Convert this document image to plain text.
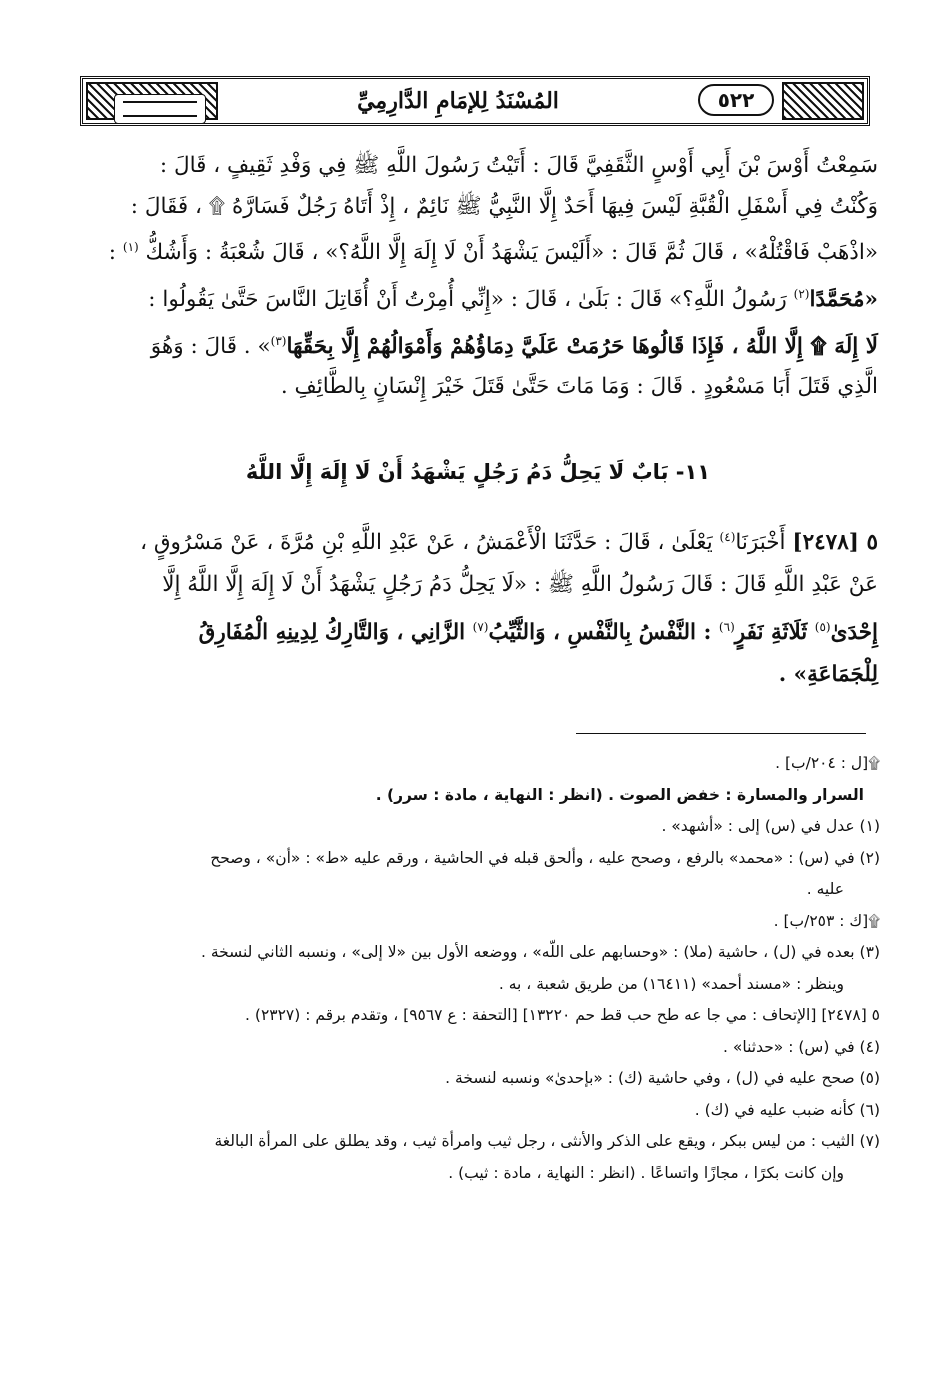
٥٢٢
المُسْنَدُ لِلإمَامِ الدَّارِمِيِّ

سَمِعْتُ أَوْسَ بْنَ أَبِي أَوْسٍ الثَّقَفِيَّ قَالَ : أَتَيْتُ رَسُولَ اللَّهِ ﷺ فِي وَفْدِ ثَقِيفٍ ، قَالَ :

وَكُنْتُ فِي أَسْفَلِ الْقُبَّةِ لَيْسَ فِيهَا أَحَدٌ إِلَّا النَّبِيُّ ﷺ نَائِمٌ ، إِذْ أَتَاهُ رَجُلٌ فَسَارَّهُ ۩ ، فَقَالَ :

«اذْهَبْ فَاقْتُلْهُ» ، قَالَ ثُمَّ قَالَ : «أَلَيْسَ يَشْهَدُ أَنْ لَا إِلَهَ إِلَّا اللَّهُ؟» ، قَالَ شُعْبَةُ : وَأَشُكُّ $^{(١)}$ :

«مُحَمَّدًا$^{(٢)}$ رَسُولُ اللَّهِ؟» قَالَ : بَلَىٰ ، قَالَ : «إِنِّي أُمِرْتُ أَنْ أُقَاتِلَ النَّاسَ حَتَّىٰ يَقُولُوا :

لَا إِلَهَ ۩ إِلَّا اللَّهُ ، فَإِذَا قَالُوهَا حَرُمَتْ عَلَيَّ دِمَاؤُهُمْ وَأَمْوَالُهُمْ إِلَّا بِحَقِّهَا$^{(٣)}$» . قَالَ : وَهُوَ

الَّذِي قَتَلَ أَبَا مَسْعُودٍ . قَالَ : وَمَا مَاتَ حَتَّىٰ قَتَلَ خَيْرَ إِنْسَانٍ بِالطَّائِفِ .

١١- بَابٌ لَا يَحِلُّ دَمُ رَجُلٍ يَشْهَدُ أَنْ لَا إِلَهَ إِلَّا اللَّهُ

٥ [٢٤٧٨] أَخْبَرَنَا$^{(٤)}$ يَعْلَىٰ ، قَالَ : حَدَّثَنَا الْأَعْمَشُ ، عَنْ عَبْدِ اللَّهِ بْنِ مُرَّةَ ، عَنْ مَسْرُوقٍ ،

عَنْ عَبْدِ اللَّهِ قَالَ : قَالَ رَسُولُ اللَّهِ ﷺ : «لَا يَحِلُّ دَمُ رَجُلٍ يَشْهَدُ أَنْ لَا إِلَهَ إِلَّا اللَّهُ إِلَّا

إِحْدَىٰ$^{(٥)}$ ثَلَاثَةِ نَفَرٍ$^{(٦)}$ : النَّفْسُ بِالنَّفْسِ ، وَالثَّيِّبُ$^{(٧)}$ الزَّانِي ، وَالتَّارِكُ لِدِينِهِ الْمُفَارِقُ

لِلْجَمَاعَةِ» .

۩[ل : ٢٠٤/ب] .
السرار والمسارة : خفض الصوت . (انظر : النهاية ، مادة : سرر) .
(١) عدل في (س) إلى : «أشهد» .
(٢) في (س) : «محمد» بالرفع ، وصحح عليه ، وألحق قبله في الحاشية ، ورقم عليه «ط» : «أن» ، وصحح
عليه .
۩[ك : ٢٥٣/ب] .
(٣) بعده في (ل) ، حاشية (ملا) : «وحسابهم على اللّه» ، ووضعه الأول بين «لا إلى» ، ونسبه الثاني لنسخة .
وينظر : «مسند أحمد» (١٦٤١١) من طريق شعبة ، به .
٥ [٢٤٧٨] [الإتحاف : مي جا عه طح حب قط حم ١٣٢٢٠] [التحفة : ع ٩٥٦٧] ، وتقدم برقم : (٢٣٢٧) .
(٤) في (س) : «حدثنا» .
(٥) صحح عليه في (ل) ، وفي حاشية (ك) : «بإحدىٰ» ونسبه لنسخة .
(٦) كأنه ضبب عليه في (ك) .
(٧) الثيب : من ليس ببكر ، ويقع على الذكر والأنثى ، رجل ثيب وامرأة ثيب ، وقد يطلق على المرأة البالغة
وإن كانت بكرًا ، مجازًا واتساعًا . (انظر : النهاية ، مادة : ثيب) .
